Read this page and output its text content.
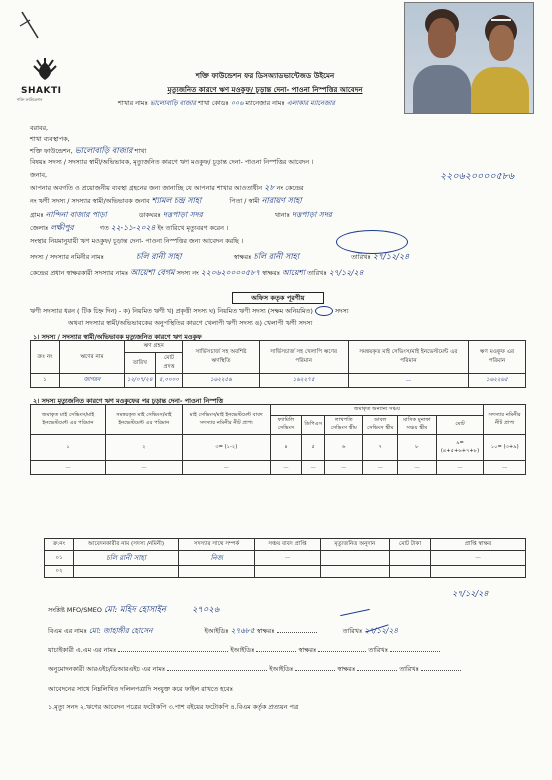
SHAKTI
শক্তি ফাউন্ডেশন
শক্তি ফাউন্ডেশন ফর ডিসঅ্যাডভান্টেজড উইমেন
মৃত্যুজনিত কারণে ঋণ মওকুফ/ চূড়ান্ত দেনা- পাওনা নিস্পত্তির আবেদন
শাখার নামঃ ভালোবাড়ি বাজার শাখা কোডঃ ০০৬ ম্যানেজার নামঃ এলাকার ম্যানেজার
বরাবর,
শাখা ব্যবস্থাপক,
শক্তি ফাউন্ডেশন, ভালোবাড়ি বাজার শাখা
বিষয়ঃ সদস্য / সদস্যার স্বামী/অভিভাবক, মৃত্যুজনিত কারণে ঋণ মওকুফ/ চূড়ান্ত দেনা- পাওনা নিস্পত্তির আবেদন ।
জনাব,
আপনার অবগতি ও প্রয়োজনীয় ব্যবস্থা গ্রহনের জন্য জানাচ্ছি যে আপনার শাখার আওতাধীন ২৮ নং কেন্দ্রের
২২০৬২০০০০৫৮৬
নং ঋণী সদস্য / সদস্যার স্বামী/অভিভাবক জনাব শ্যামল চন্দ্র সাহা	পিতা / স্বামী নারায়ণ সাহা
গ্রামঃ নান্দিনা বাজার পাড়া	ডাকঘরঃ দত্তপাড়া সদর	থানাঃ দত্তপাড়া সদর
জেলাঃ লক্ষীপুর	গত ২২-১১-২০২৪ ইং তারিখে মৃত্যুবরণ করেন ।
সংস্থার নিয়মানুযায়ী ঋণ মওকুফ/ চূড়ান্ত দেনা- পাওনা নিস্পত্তির জন্য আবেদন করছি ।
সদস্য / সদস্যার নমিনীর নামঃ	চলি রানী সাহা	স্বাক্ষরঃ চলি রানী সাহা	তারিখঃ ২৭/১২/২৪
কেন্দ্রের প্রধান স্বাক্ষরকারী সদস্যার নামঃ আয়েশা বেগম সদস্য নং ২২০৬২০০০০৫৮৭ স্বাক্ষরঃ আয়েশা তারিখঃ ২৭/১২/২৪
অফিস কতৃক পূরণীয়
ঋণী সদস্যার ধরন ( টিক চিহ্ন দিন) - ক) নিয়মিত ঋণী খ) প্রকৃত্তী সদস্য ঘ) নিয়মিত ঋণী সদস্য (সক্ষম অনিয়মিত)	সদস্য
অথবা সদস্যার স্বামী/অভিভাবকের অনুপস্থিতির কারণে খেলাপী ঋণী সদস্য ঙ) খেলাপী ঋণী সদস্য
১। সদস্য / সদস্যার স্বামী/অভিভাবক মৃত্যুজনিত কারণে ঋণ মওকুফ
ক্রঃ নং	ঋণের নাম	ঋণ গ্রহন		সার্ভিসচার্জ সহ অবশিষ্ট ঋণস্থিতি	সার্ভিসচার্জ সহ খেলাপি ঋণের পরিমান	সমন্বয়কৃত মাই সেভিংস/মাই ইনভেস্টমেন্ট এর পরিমান	ঋণ মওকুফ এর পরিমান
		তারিখ	মোট প্রদত্ত				
১	জাগরন	১২/০৭/২৪	৫,০০০০	১৬২২৫৬	১৬২২৭৫	—	১৬২২৬৫
২। সদস্য মৃত্যুজনিত কারণে ঋণ মওকুফের পর চূড়ান্ত দেনা- পাওনা নিস্পত্তি
জমাকৃত মাই সেভিংস/মাই ইনভেস্টমেন্ট এর পরিমান	সমন্বয়কৃত মাই সেভিংস/মাই ইনভেস্টমেন্ট এর পরিমান	মাই সেভিংস/মাই ইনভেস্টমেন্ট বাবদ সদস্যার নমিনীর নীট প্রাপ্য	জমাকৃত অন্যান্য সঞ্চয়						সদস্যার নমিনীর নীট প্রাপ্য
			ফ্যামিলি সেভিংস	ডিপিএস	লাখপতি সেভিংস স্কীম	ডাবল সেভিংস স্কীম	মাসিক মুনাফা সঞ্চয় স্কীম	মোট	
১	২	৩= (১-২)	৪	৫	৬	৭	৮	৯=(৪+৫+৬+৭+৮)	১০= (৩+৯)
—	—	—	—	—	—	—	—	—	—
ক্র:নং	আবেদনকারীর নাম (সদস্য /নমিনী)	সদস্যার সাথে সম্পর্ক	সঞ্চয় বাবদ প্রাপ্তি	মৃত্যুজনিত অনুদান	মোট টাকা	প্রাপ্তি স্বাক্ষর
০১	চলি রানী সাহা	নিজ	—			—
০২						
২৭/১২/২৪
সংশ্লিষ্ট MFO/SMEO মো: মহিদ হোসাইন	২৭০২৬
বিএম এর নামঃ মো: জাহাঙ্গীর হোসেন	ইআইডিঃ ২৭৬৮৫ স্বাক্ষরঃ	তারিখঃ ২৭/১২/২৪
যাচাইকারী এ.এম এর নামঃ	ইআইডিঃ	স্বাক্ষরঃ	তারিখঃ
অনুমোদনকারী আরএইচ/ডিআরএইচ এর নামঃ	ইআইডিঃ	স্বাক্ষরঃ	তারিখঃ
আবেদনের সাথে নিম্নলিখিত দলিলপত্রাদি সংযুক্ত করে ফাইল রাখতে হবেঃ
১.মৃত্যু সনদ ২.ঋণের আবেদন পত্রের ফটোকপি ৩.পাশ বইয়ের ফটোকপি ৪.বিএম কর্তৃক প্রত্যয়ন পত্র
